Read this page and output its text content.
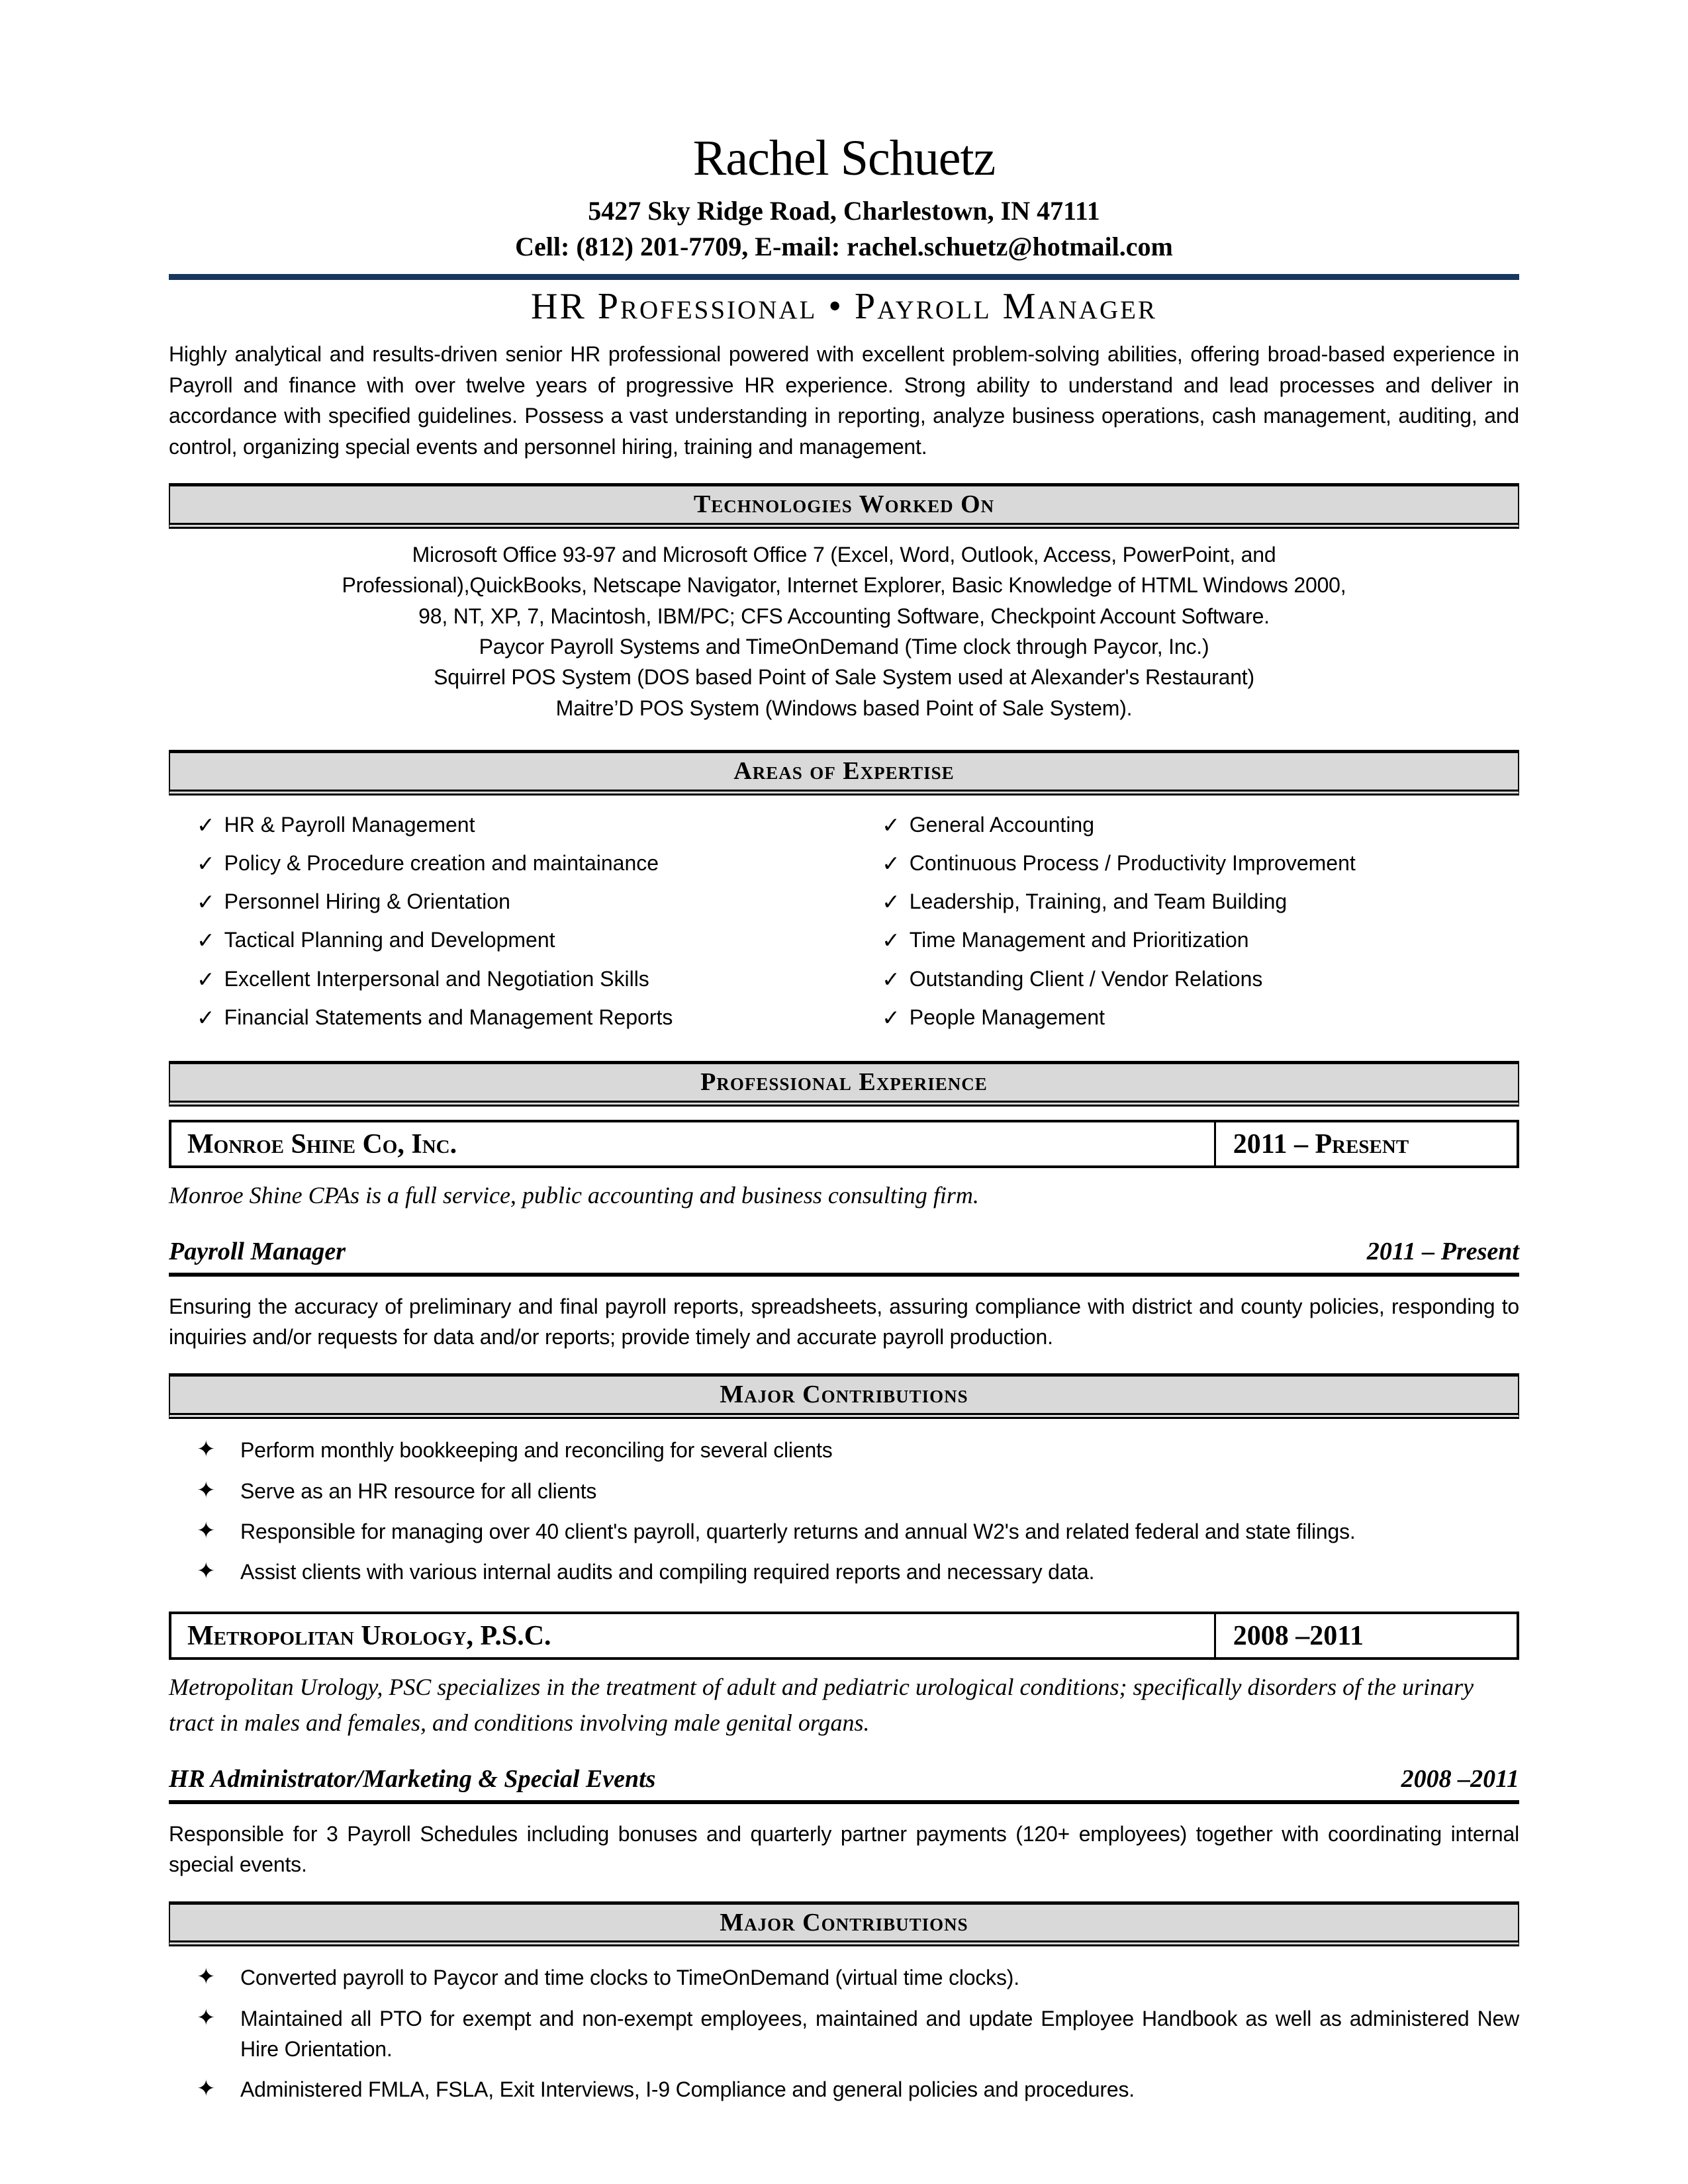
Rachel Schuetz
5427 Sky Ridge Road, Charlestown, IN 47111
Cell: (812) 201-7709, E-mail: rachel.schuetz@hotmail.com
HR Professional • Payroll Manager

Highly analytical and results-driven senior HR professional powered with excellent problem-solving abilities, offering broad-based experience in Payroll and finance with over twelve years of progressive HR experience. Strong ability to understand and lead processes and deliver in accordance with specified guidelines. Possess a vast understanding in reporting, analyze business operations, cash management, auditing, and control, organizing special events and personnel hiring, training and management.

Technologies Worked On
Microsoft Office 93-97 and Microsoft Office 7 (Excel, Word, Outlook, Access, PowerPoint, and
Professional),QuickBooks, Netscape Navigator, Internet Explorer, Basic Knowledge of HTML Windows 2000,
98, NT, XP, 7, Macintosh, IBM/PC; CFS Accounting Software, Checkpoint Account Software.
Paycor Payroll Systems and TimeOnDemand (Time clock through Paycor, Inc.)
Squirrel POS System (DOS based Point of Sale System used at Alexander's Restaurant)
Maitre’D POS System (Windows based Point of Sale System).
Areas of Expertise
✓ HR & Payroll Management
✓ Policy & Procedure creation and maintainance
✓ Personnel Hiring & Orientation
✓ Tactical Planning and Development
✓ Excellent Interpersonal and Negotiation Skills
✓ Financial Statements and Management Reports
✓ General Accounting
✓ Continuous Process / Productivity Improvement
✓ Leadership, Training, and Team Building
✓ Time Management and Prioritization
✓ Outstanding Client / Vendor Relations
✓ People Management
Professional Experience
Monroe Shine Co, Inc.	2011 – Present
Monroe Shine CPAs is a full service, public accounting and business consulting firm.
Payroll Manager	2011 – Present

Ensuring the accuracy of preliminary and final payroll reports, spreadsheets, assuring compliance with district and county policies, responding to inquiries and/or requests for data and/or reports; provide timely and accurate payroll production.

Major Contributions
✦	Perform monthly bookkeeping and reconciling for several clients
✦	Serve as an HR resource for all clients
✦	Responsible for managing over 40 client's payroll, quarterly returns and annual W2's and related federal and state filings.
✦	Assist clients with various internal audits and compiling required reports and necessary data.
Metropolitan Urology, P.S.C.	2008 –2011
Metropolitan Urology, PSC specializes in the treatment of adult and pediatric urological conditions; specifically disorders of the urinary tract in males and females, and conditions involving male genital organs.
HR Administrator/Marketing & Special Events	2008 –2011

Responsible for 3 Payroll Schedules including bonuses and quarterly partner payments (120+ employees) together with coordinating internal special events.

Major Contributions
✦	Converted payroll to Paycor and time clocks to TimeOnDemand (virtual time clocks).
✦	Maintained all PTO for exempt and non-exempt employees, maintained and update Employee Handbook as well as administered New Hire Orientation.
✦	Administered FMLA, FSLA, Exit Interviews, I-9 Compliance and general policies and procedures.
